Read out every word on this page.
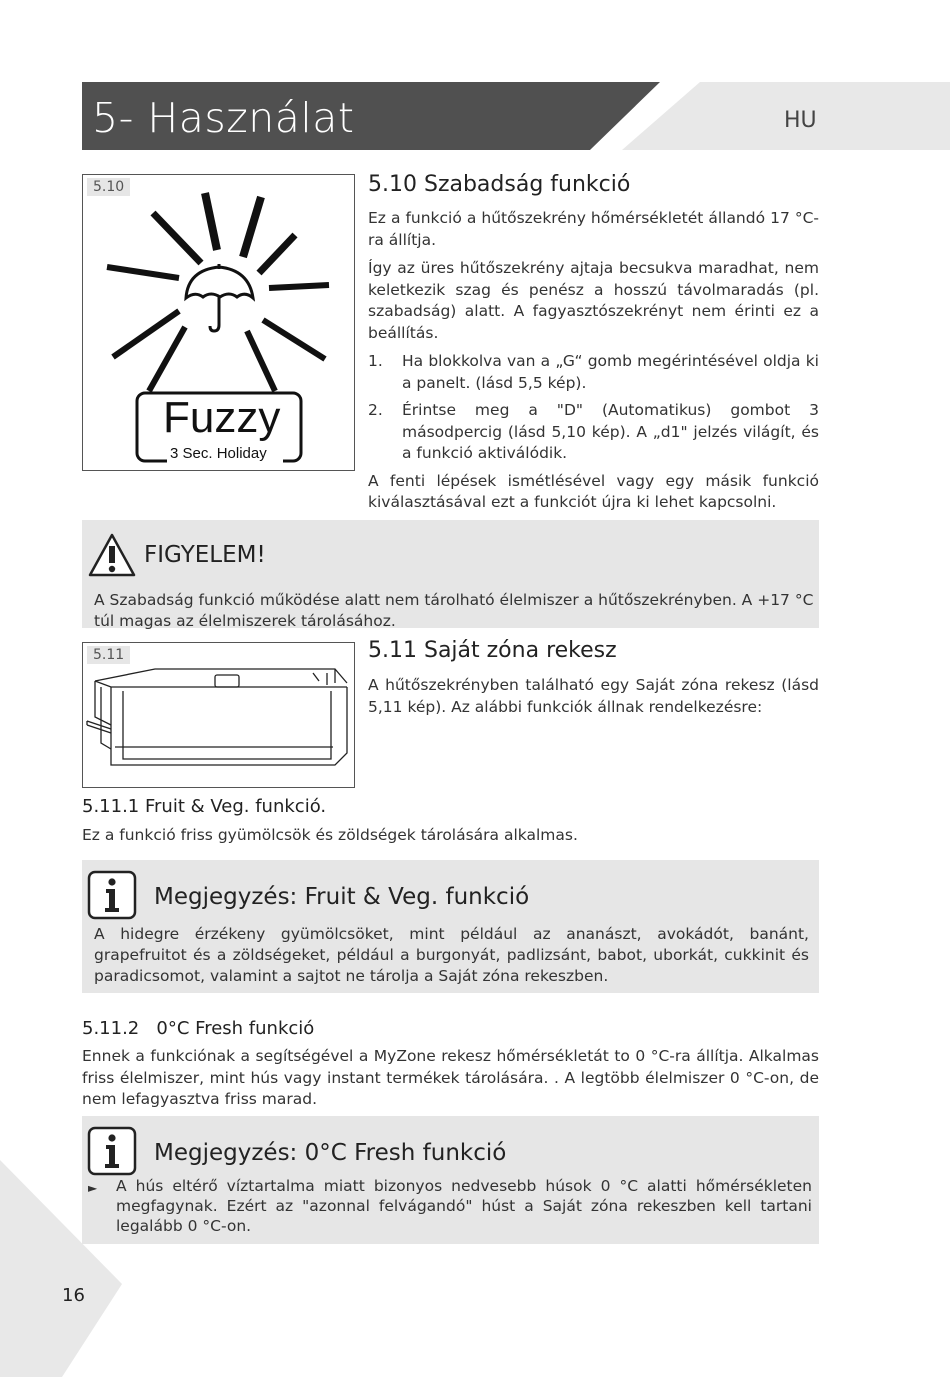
5- Használat	HU
5.10
Fuzzy
3 Sec. Holiday
5.10 Szabadság funkció

Ez a funkció a hűtőszekrény hőmérsékletét állandó 17 °C-ra állítja.

Így az üres hűtőszekrény ajtaja becsukva maradhat, nem keletkezik szag és penész a hosszú távolmaradás (pl. szabadság) alatt. A fagyasztószekrényt nem érinti ez a beállítás.

1. Ha blokkolva van a „G“ gomb megérintésével oldja ki a panelt. (lásd 5,5 kép).
2. Érintse meg a "D" (Automatikus) gombot 3 másodpercig (lásd 5,10 kép). A „d1" jelzés világít, és a funkció aktiválódik.

A fenti lépések ismétlésével vagy egy másik funkció kiválasztásával ezt a funkciót újra ki lehet kapcsolni.

FIGYELEM!
A Szabadság funkció működése alatt nem tárolható élelmiszer a hűtőszekrényben. A +17 °C túl magas az élelmiszerek tárolásához.
5.11	5.11 Saját zóna rekesz
A hűtőszekrényben található egy Saját zóna rekesz (lásd 5,11 kép). Az alábbi funkciók állnak rendelkezésre:
5.11.1 Fruit & Veg. funkció.
Ez a funkció friss gyümölcsök és zöldségek tárolására alkalmas.
Megjegyzés: Fruit & Veg. funkció
A hidegre érzékeny gyümölcsöket, mint például az ananászt, avokádót, banánt, grapefruitot és a zöldségeket, például a burgonyát, padlizsánt, babot, uborkát, cukkinit és paradicsomot, valamint a sajtot ne tárolja a Saját zóna rekeszben.
5.11.2   0°C Fresh funkció
Ennek a funkciónak a segítségével a MyZone rekesz hőmérsékletát to 0 °C-ra állítja. Alkalmas friss élelmiszer, mint hús vagy instant termékek tárolására. . A legtöbb élelmiszer 0 °C-on, de nem lefagyasztva friss marad.
Megjegyzés: 0°C Fresh funkció
► A hús eltérő víztartalma miatt bizonyos nedvesebb húsok 0 °C alatti hőmérsékleten megfagynak. Ezért az "azonnal felvágandó" húst a Saját zóna rekeszben kell tartani legalább 0 °C-on.
16
